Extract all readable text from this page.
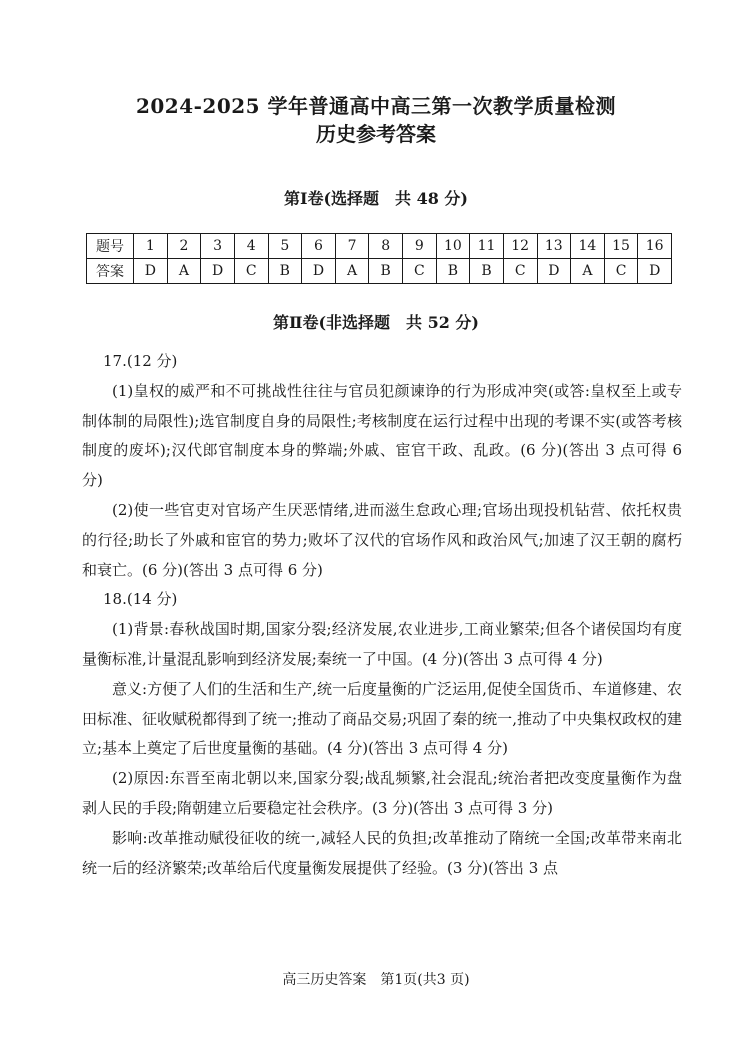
2024-2025 学年普通高中高三第一次教学质量检测
历史参考答案
第Ⅰ卷(选择题　共 48 分)
题号	1	2	3	4	5	6	7	8	9	10	11	12	13	14	15	16
答案	D	A	D	C	B	D	A	B	C	B	B	C	D	A	C	D
第Ⅱ卷(非选择题　共 52 分)

17.(12 分)

(1)皇权的威严和不可挑战性往往与官员犯颜谏诤的行为形成冲突(或答:皇权至上或专制体制的局限性);选官制度自身的局限性;考核制度在运行过程中出现的考课不实(或答考核制度的废坏);汉代郎官制度本身的弊端;外戚、宦官干政、乱政。(6 分)(答出 3 点可得 6 分)

(2)使一些官吏对官场产生厌恶情绪,进而滋生怠政心理;官场出现投机钻营、依托权贵的行径;助长了外戚和宦官的势力;败坏了汉代的官场作风和政治风气;加速了汉王朝的腐朽和衰亡。(6 分)(答出 3 点可得 6 分)

18.(14 分)

(1)背景:春秋战国时期,国家分裂;经济发展,农业进步,工商业繁荣;但各个诸侯国均有度量衡标准,计量混乱影响到经济发展;秦统一了中国。(4 分)(答出 3 点可得 4 分)

意义:方便了人们的生活和生产,统一后度量衡的广泛运用,促使全国货币、车道修建、农田标准、征收赋税都得到了统一;推动了商品交易;巩固了秦的统一,推动了中央集权政权的建立;基本上奠定了后世度量衡的基础。(4 分)(答出 3 点可得 4 分)

(2)原因:东晋至南北朝以来,国家分裂;战乱频繁,社会混乱;统治者把改变度量衡作为盘剥人民的手段;隋朝建立后要稳定社会秩序。(3 分)(答出 3 点可得 3 分)

影响:改革推动赋役征收的统一,减轻人民的负担;改革推动了隋统一全国;改革带来南北统一后的经济繁荣;改革给后代度量衡发展提供了经验。(3 分)(答出 3 点

高三历史答案　第1页(共3 页)
